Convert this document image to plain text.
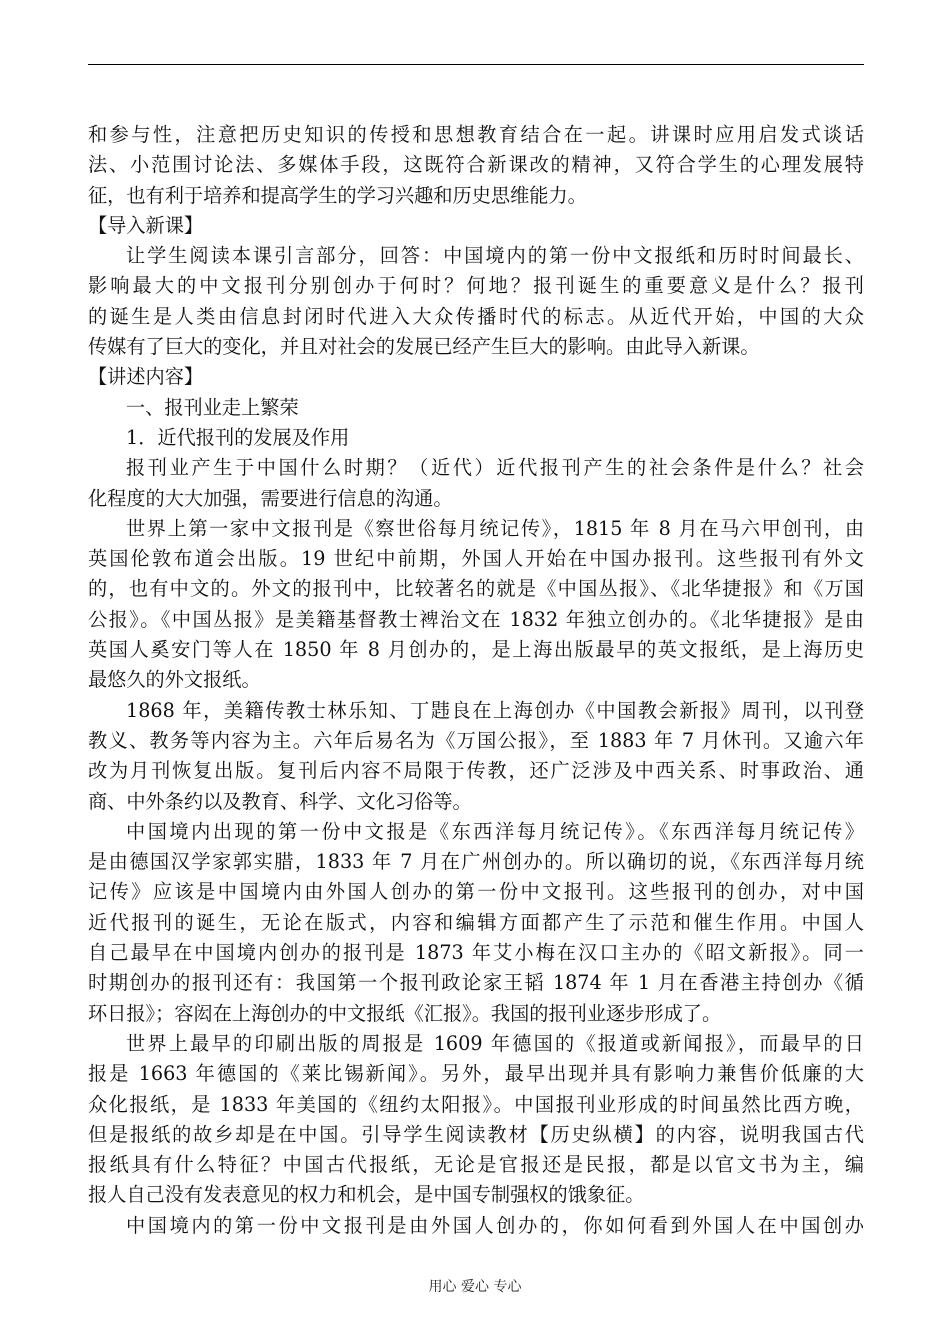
和参与性，注意把历史知识的传授和思想教育结合在一起。讲课时应用启发式谈话
法、小范围讨论法、多媒体手段，这既符合新课改的精神，又符合学生的心理发展特
征，也有利于培养和提高学生的学习兴趣和历史思维能力。
【导入新课】
让学生阅读本课引言部分，回答：中国境内的第一份中文报纸和历时时间最长、
影响最大的中文报刊分别创办于何时？何地？报刊诞生的重要意义是什么？报刊
的诞生是人类由信息封闭时代进入大众传播时代的标志。从近代开始，中国的大众
传媒有了巨大的变化，并且对社会的发展已经产生巨大的影响。由此导入新课。
【讲述内容】
一、报刊业走上繁荣
1．近代报刊的发展及作用
报刊业产生于中国什么时期？（近代）近代报刊产生的社会条件是什么？社会
化程度的大大加强，需要进行信息的沟通。
世界上第一家中文报刊是《察世俗每月统记传》，1815 年 8 月在马六甲创刊，由
英国伦敦布道会出版。19 世纪中前期，外国人开始在中国办报刊。这些报刊有外文
的，也有中文的。外文的报刊中，比较著名的就是《中国丛报》、《北华捷报》和《万国
公报》。《中国丛报》是美籍基督教士裨治文在 1832 年独立创办的。《北华捷报》是由
英国人奚安门等人在 1850 年 8 月创办的，是上海出版最早的英文报纸，是上海历史
最悠久的外文报纸。
1868 年，美籍传教士林乐知、丁韪良在上海创办《中国教会新报》周刊，以刊登
教义、教务等内容为主。六年后易名为《万国公报》，至 1883 年 7 月休刊。又逾六年
改为月刊恢复出版。复刊后内容不局限于传教，还广泛涉及中西关系、时事政治、通
商、中外条约以及教育、科学、文化习俗等。
中国境内出现的第一份中文报是《东西洋每月统记传》。《东西洋每月统记传》
是由德国汉学家郭实腊，1833 年 7 月在广州创办的。所以确切的说，《东西洋每月统
记传》应该是中国境内由外国人创办的第一份中文报刊。这些报刊的创办，对中国
近代报刊的诞生，无论在版式，内容和编辑方面都产生了示范和催生作用。中国人
自己最早在中国境内创办的报刊是 1873 年艾小梅在汉口主办的《昭文新报》。同一
时期创办的报刊还有：我国第一个报刊政论家王韬 1874 年 1 月在香港主持创办《循
环日报》；容闳在上海创办的中文报纸《汇报》。我国的报刊业逐步形成了。
世界上最早的印刷出版的周报是 1609 年德国的《报道或新闻报》，而最早的日
报是 1663 年德国的《莱比锡新闻》。另外，最早出现并具有影响力兼售价低廉的大
众化报纸，是 1833 年美国的《纽约太阳报》。中国报刊业形成的时间虽然比西方晚，
但是报纸的故乡却是在中国。引导学生阅读教材【历史纵横】的内容，说明我国古代
报纸具有什么特征？中国古代报纸，无论是官报还是民报，都是以官文书为主，编
报人自己没有发表意见的权力和机会，是中国专制强权的饿象征。
中国境内的第一份中文报刊是由外国人创办的，你如何看到外国人在中国创办
用心 爱心 专心
